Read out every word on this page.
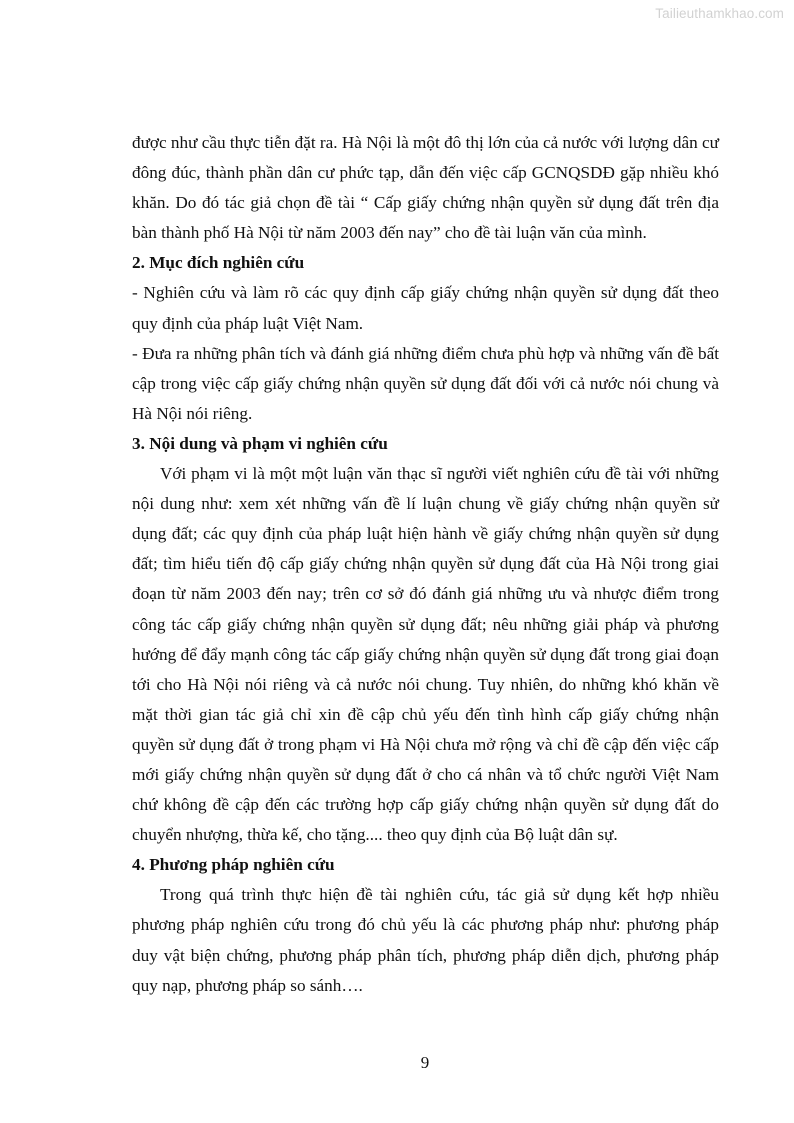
Tailieuthamkhao.com

được như cầu thực tiễn đặt ra. Hà Nội là một đô thị lớn của cả nước với lượng dân cư đông đúc, thành phần dân cư phức tạp, dẫn đến việc cấp GCNQSDĐ gặp nhiều khó khăn. Do đó tác giả chọn đề tài “ Cấp giấy chứng nhận quyền sử dụng đất trên địa bàn thành phố Hà Nội từ năm 2003 đến nay” cho đề tài luận văn của mình.

2. Mục đích nghiên cứu

- Nghiên cứu và làm rõ các quy định cấp giấy chứng nhận quyền sử dụng đất theo quy định của pháp luật Việt Nam.

- Đưa ra những phân tích và đánh giá những điểm chưa phù hợp và những vấn đề bất cập trong việc cấp giấy chứng nhận quyền sử dụng đất đối với cả nước nói chung và Hà Nội nói riêng.

3. Nội dung và phạm vi nghiên cứu

Với phạm vi là một một luận văn thạc sĩ người viết nghiên cứu đề tài với những nội dung như: xem xét những vấn đề lí luận chung về giấy chứng nhận quyền sử dụng đất; các quy định của pháp luật hiện hành về giấy chứng nhận quyền sử dụng đất; tìm hiểu tiến độ cấp giấy chứng nhận quyền sử dụng đất của Hà Nội trong giai đoạn từ năm 2003 đến nay; trên cơ sở đó đánh giá những ưu và nhược điểm trong công tác cấp giấy chứng nhận quyền sử dụng đất; nêu những giải pháp và phương hướng để đẩy mạnh công tác cấp giấy chứng nhận quyền sử dụng đất trong giai đoạn tới cho Hà Nội nói riêng và cả nước nói chung. Tuy nhiên, do những khó khăn về mặt thời gian tác giả chỉ xin đề cập chủ yếu đến tình hình cấp giấy chứng nhận quyền sử dụng đất ở trong phạm vi Hà Nội chưa mở rộng và chỉ đề cập đến việc cấp mới giấy chứng nhận quyền sử dụng đất ở cho cá nhân và tổ chức người Việt Nam chứ không đề cập đến các trường hợp cấp giấy chứng nhận quyền sử dụng đất do chuyển nhượng, thừa kế, cho tặng.... theo quy định của Bộ luật dân sự.

4. Phương pháp nghiên cứu

Trong quá trình thực hiện đề tài nghiên cứu, tác giả sử dụng kết hợp nhiều phương pháp nghiên cứu trong đó chủ yếu là các phương pháp như: phương pháp duy vật biện chứng, phương pháp phân tích, phương pháp diễn dịch, phương pháp quy nạp, phương pháp so sánh….

9
